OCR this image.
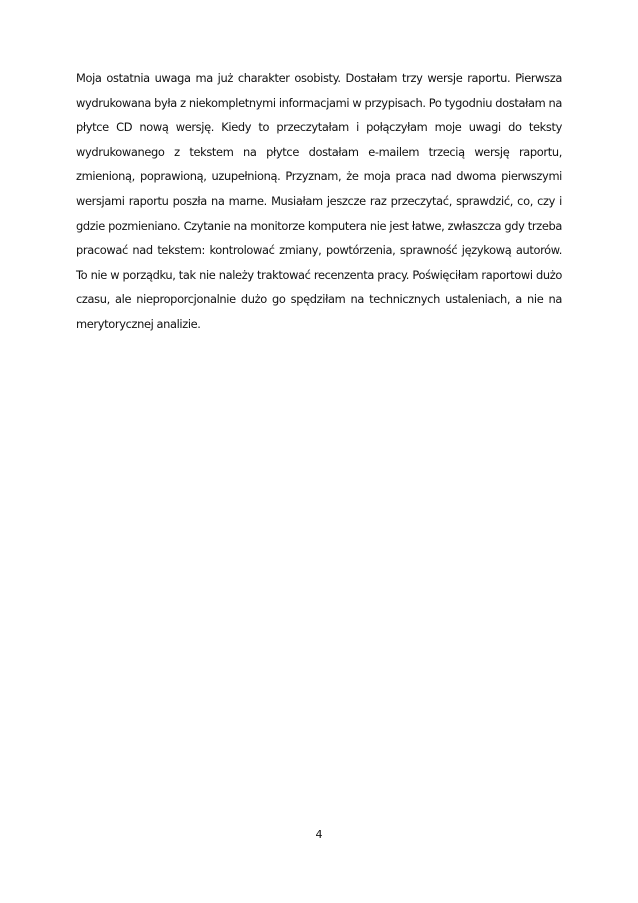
Moja ostatnia uwaga ma już charakter osobisty. Dostałam trzy wersje raportu. Pierwsza wydrukowana była z niekompletnymi informacjami w przypisach. Po tygodniu dostałam na płytce CD nową wersję. Kiedy to przeczytałam i połączyłam moje uwagi do teksty wydrukowanego z tekstem na płytce dostałam e-mailem trzecią wersję raportu, zmienioną, poprawioną, uzupełnioną. Przyznam, że moja praca nad dwoma pierwszymi wersjami raportu poszła na marne. Musiałam jeszcze raz przeczytać, sprawdzić, co, czy i gdzie pozmieniano. Czytanie na monitorze komputera nie jest łatwe, zwłaszcza gdy trzeba pracować nad tekstem: kontrolować zmiany, powtórzenia, sprawność językową autorów. To nie w porządku, tak nie należy traktować recenzenta pracy. Poświęciłam raportowi dużo czasu, ale nieproporcjonalnie dużo go spędziłam na technicznych ustaleniach, a nie na merytorycznej analizie.

4
